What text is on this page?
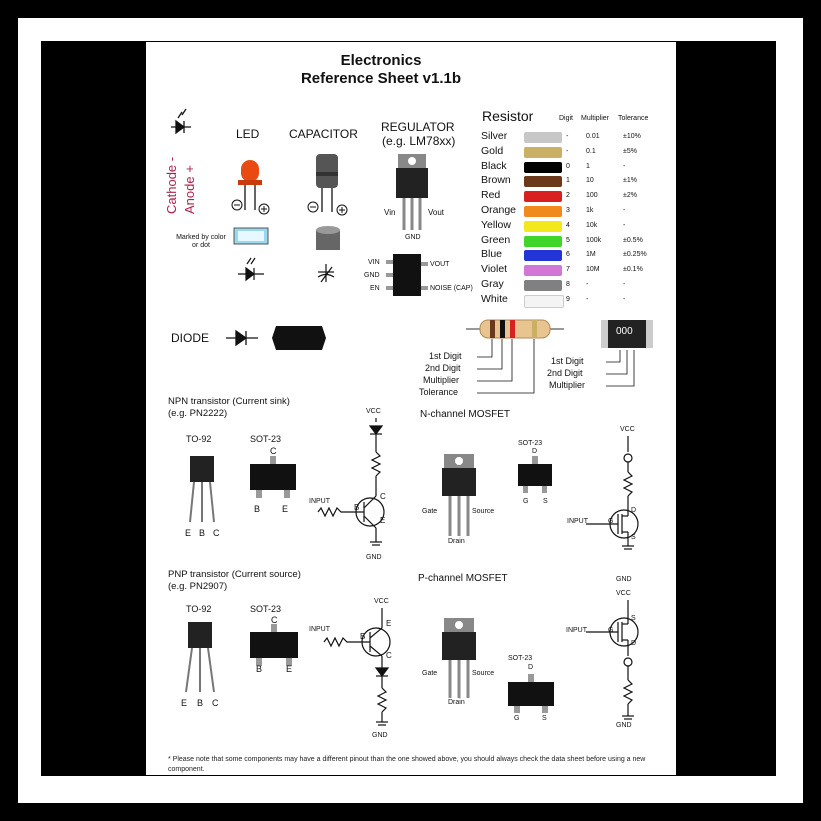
Electronics
Reference Sheet v1.1b
Cathode - Anode +
LED CAPACITOR
Marked by color or dot
REGULATOR
(e.g. LM78xx)
Vin	Vout
GND
VIN
GND
EN
VOUT
NOISE (CAP)
DIODE
Resistor	Digit Multiplier Tolerance
Silver	-	0.01	±10%
Gold	-	0.1	±5%
Black	0 1	-
Brown	1 10	±1%
Red	2 100	±2%
Orange	3 1k	-
Yellow	4 10k	-
Green	5 100k	±0.5%
Blue	6 1M	±0.25%
Violet	7 10M	±0.1%
Gray	8 -	-
White	9 -	-
1st Digit
2nd Digit
Multiplier
Tolerance
000
1st Digit
2nd Digit
Multiplier
NPN transistor (Current sink)
(e.g. PN2222)
TO-92	SOT-23
E B C
C
B E
VCC
GND
INPUT
B
C
E
N-channel MOSFET
Gate	Source
Drain
SOT-23
D
G S
VCC
GND
INPUT	G
D
S
PNP transistor (Current source)
(e.g. PN2907)
TO-92	SOT-23
E B C
C
B	E
VCC
GND
INPUT
B
E
C
P-channel MOSFET
Gate	Source
Drain
SOT-23
D
G	S
VCC
GND
INPUT	G
S
D
* Please note that some components may have a different pinout than the one showed above, you should always check the data sheet before using a new component.
